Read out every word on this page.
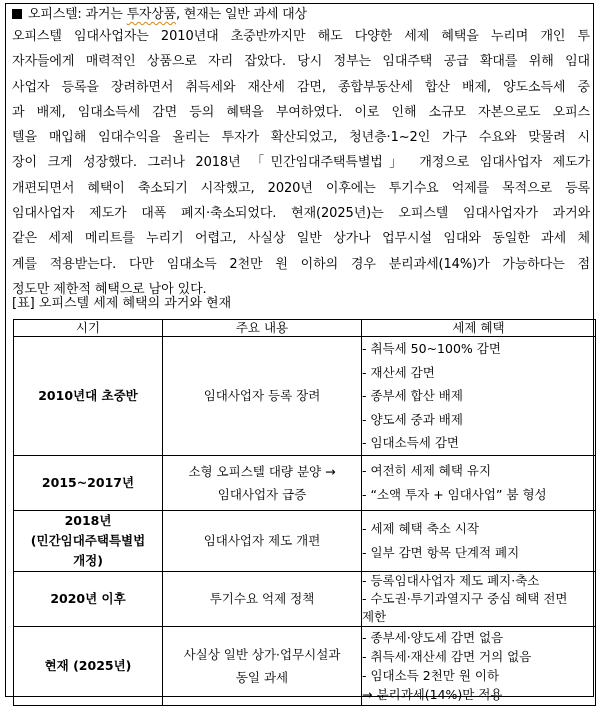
오피스텔: 과거는 투자상품, 현재는 일반 과세 대상
오피스텔 임대사업자는 2010년대 초중반까지만 해도 다양한 세제 혜택을 누리며 개인 투
자자들에게 매력적인 상품으로 자리 잡았다. 당시 정부는 임대주택 공급 확대를 위해 임대
사업자 등록을 장려하면서 취득세와 재산세 감면, 종합부동산세 합산 배제, 양도소득세 중
과 배제, 임대소득세 감면 등의 혜택을 부여하였다. 이로 인해 소규모 자본으로도 오피스
텔을 매입해 임대수익을 올리는 투자가 확산되었고, 청년층·1~2인 가구 수요와 맞물려 시
장이 크게 성장했다. 그러나 2018년 「민간임대주택특별법」 개정으로 임대사업자 제도가
개편되면서 혜택이 축소되기 시작했고, 2020년 이후에는 투기수요 억제를 목적으로 등록
임대사업자 제도가 대폭 폐지·축소되었다. 현재(2025년)는 오피스텔 임대사업자가 과거와
같은 세제 메리트를 누리기 어렵고, 사실상 일반 상가나 업무시설 임대와 동일한 과세 체
계를 적용받는다. 다만 임대소득 2천만 원 이하의 경우 분리과세(14%)가 가능하다는 점
정도만 제한적 혜택으로 남아 있다.
[표] 오피스텔 세제 혜택의 과거와 현재
시기	주요 내용	세제 혜택
2010년대 초중반	임대사업자 등록 장려	- 취득세 50~100% 감면
- 재산세 감면
- 종부세 합산 배제
- 양도세 중과 배제
- 임대소득세 감면

2015~2017년	소형 오피스텔 대량 분양 →
임대사업자 급증	- 여전히 세제 혜택 유지
- “소액 투자 + 임대사업” 붐 형성

2018년
(민간임대주택특별법
개정)	임대사업자 제도 개편	- 세제 혜택 축소 시작
- 일부 감면 항목 단계적 폐지

2020년 이후	투기수요 억제 정책	- 등록임대사업자 제도 폐지·축소
- 수도권·투기과열지구 중심 혜택 전면
제한

현재 (2025년)	사실상 일반 상가·업무시설과
동일 과세	- 종부세·양도세 감면 없음
- 취득세·재산세 감면 거의 없음
- 임대소득 2천만 원 이하
→ 분리과세(14%)만 적용
